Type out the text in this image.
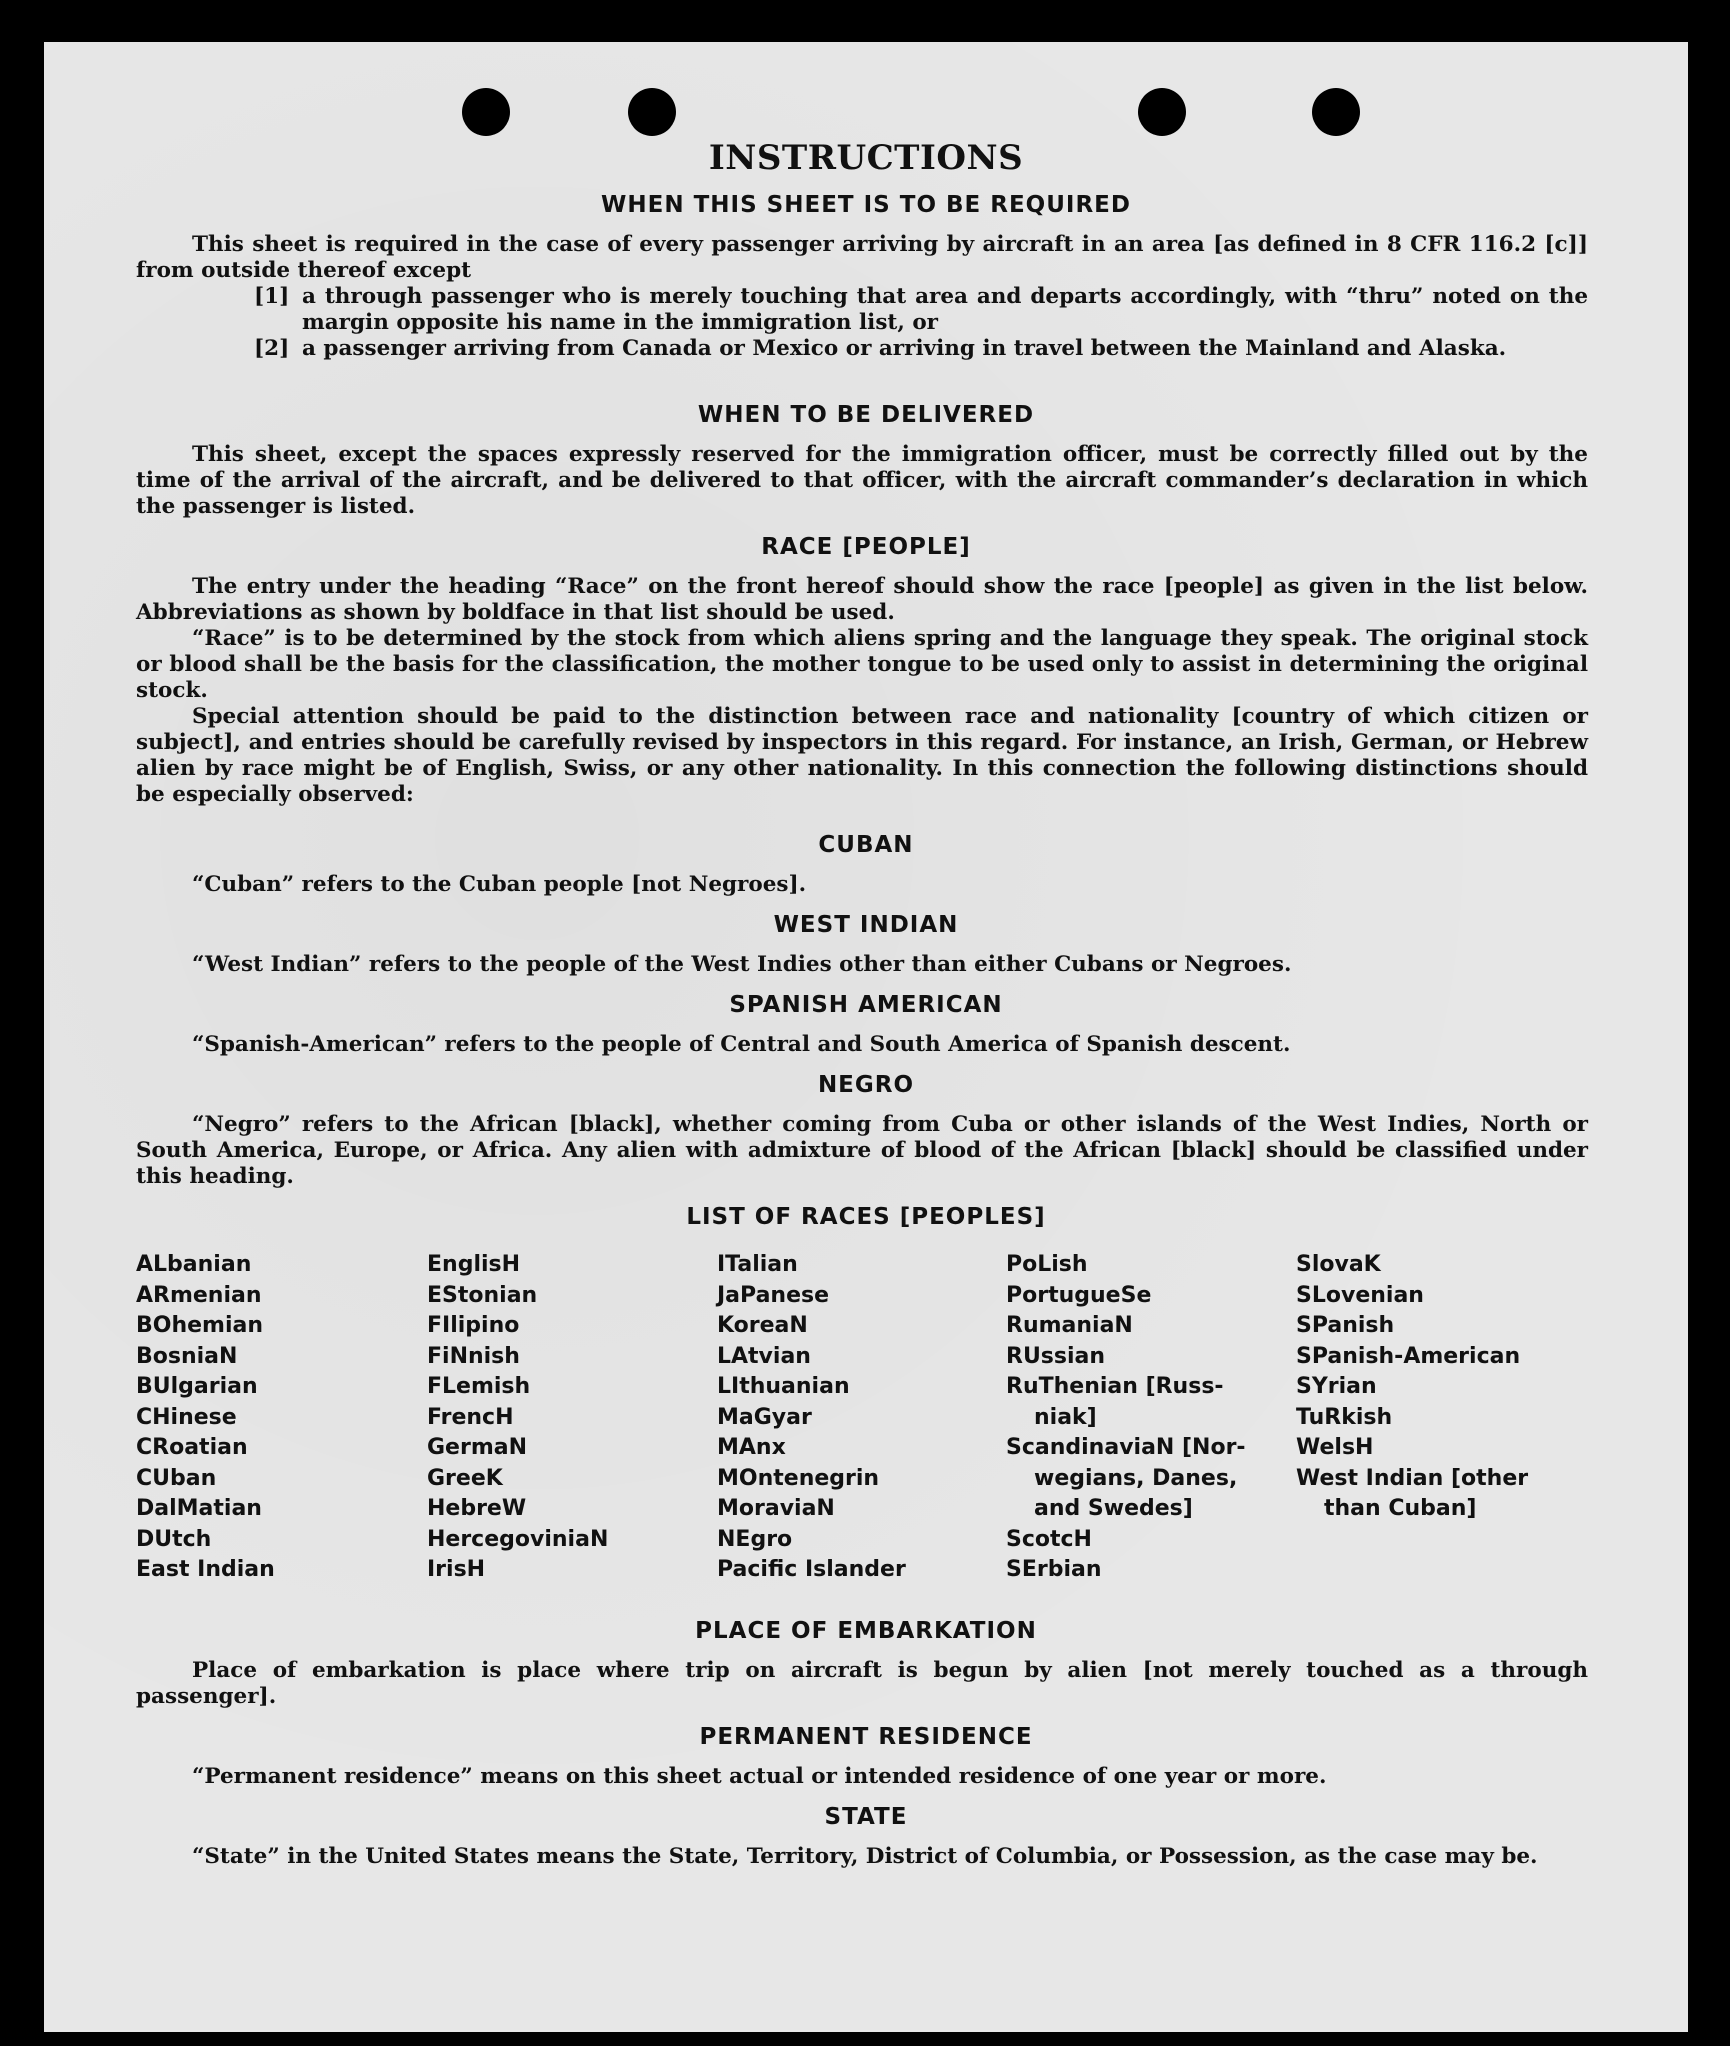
INSTRUCTIONS
WHEN THIS SHEET IS TO BE REQUIRED
This sheet is required in the case of every passenger arriving by aircraft in an area [as defined in 8 CFR 116.2 [c]] from outside thereof except
[1] a through passenger who is merely touching that area and departs accordingly, with “thru” noted on the margin opposite his name in the immigration list, or
[2] a passenger arriving from Canada or Mexico or arriving in travel between the Mainland and Alaska.
WHEN TO BE DELIVERED
This sheet, except the spaces expressly reserved for the immigration officer, must be correctly filled out by the time of the arrival of the aircraft, and be delivered to that officer, with the aircraft commander’s declaration in which the passenger is listed.
RACE [PEOPLE]
The entry under the heading “Race” on the front hereof should show the race [people] as given in the list below. Abbreviations as shown by boldface in that list should be used.
“Race” is to be determined by the stock from which aliens spring and the language they speak. The original stock or blood shall be the basis for the classification, the mother tongue to be used only to assist in determining the original stock.
Special attention should be paid to the distinction between race and nationality [country of which citizen or subject], and entries should be carefully revised by inspectors in this regard. For instance, an Irish, German, or Hebrew alien by race might be of English, Swiss, or any other nationality. In this connection the following distinctions should be especially observed:
CUBAN
“Cuban” refers to the Cuban people [not Negroes].
WEST INDIAN
“West Indian” refers to the people of the West Indies other than either Cubans or Negroes.
SPANISH AMERICAN
“Spanish-American” refers to the people of Central and South America of Spanish descent.
NEGRO
“Negro” refers to the African [black], whether coming from Cuba or other islands of the West Indies, North or South America, Europe, or Africa. Any alien with admixture of blood of the African [black] should be classified under this heading.
LIST OF RACES [PEOPLES]
ALbanian
ARmenian
BOhemian
BosniaN
BUlgarian
CHinese
CRoatian
CUban
DalMatian
DUtch
East Indian
EnglisH
EStonian
FIlipino
FiNnish
FLemish
FrencH
GermaN
GreeK
HebreW
HercegoviniaN
IrisH
ITalian
JaPanese
KoreaN
LAtvian
LIthuanian
MaGyar
MAnx
MOntenegrin
MoraviaN
NEgro
Pacific Islander
PoLish
PortugueSe
RumaniaN
RUssian
RuThenian [Russ-
niak]
ScandinaviaN [Nor-
wegians, Danes,
and Swedes]
ScotcH
SErbian
SlovaK
SLovenian
SPanish
SPanish-American
SYrian
TuRkish
WelsH
West Indian [other
than Cuban]
PLACE OF EMBARKATION
Place of embarkation is place where trip on aircraft is begun by alien [not merely touched as a through passenger].
PERMANENT RESIDENCE
“Permanent residence” means on this sheet actual or intended residence of one year or more.
STATE
“State” in the United States means the State, Territory, District of Columbia, or Possession, as the case may be.
